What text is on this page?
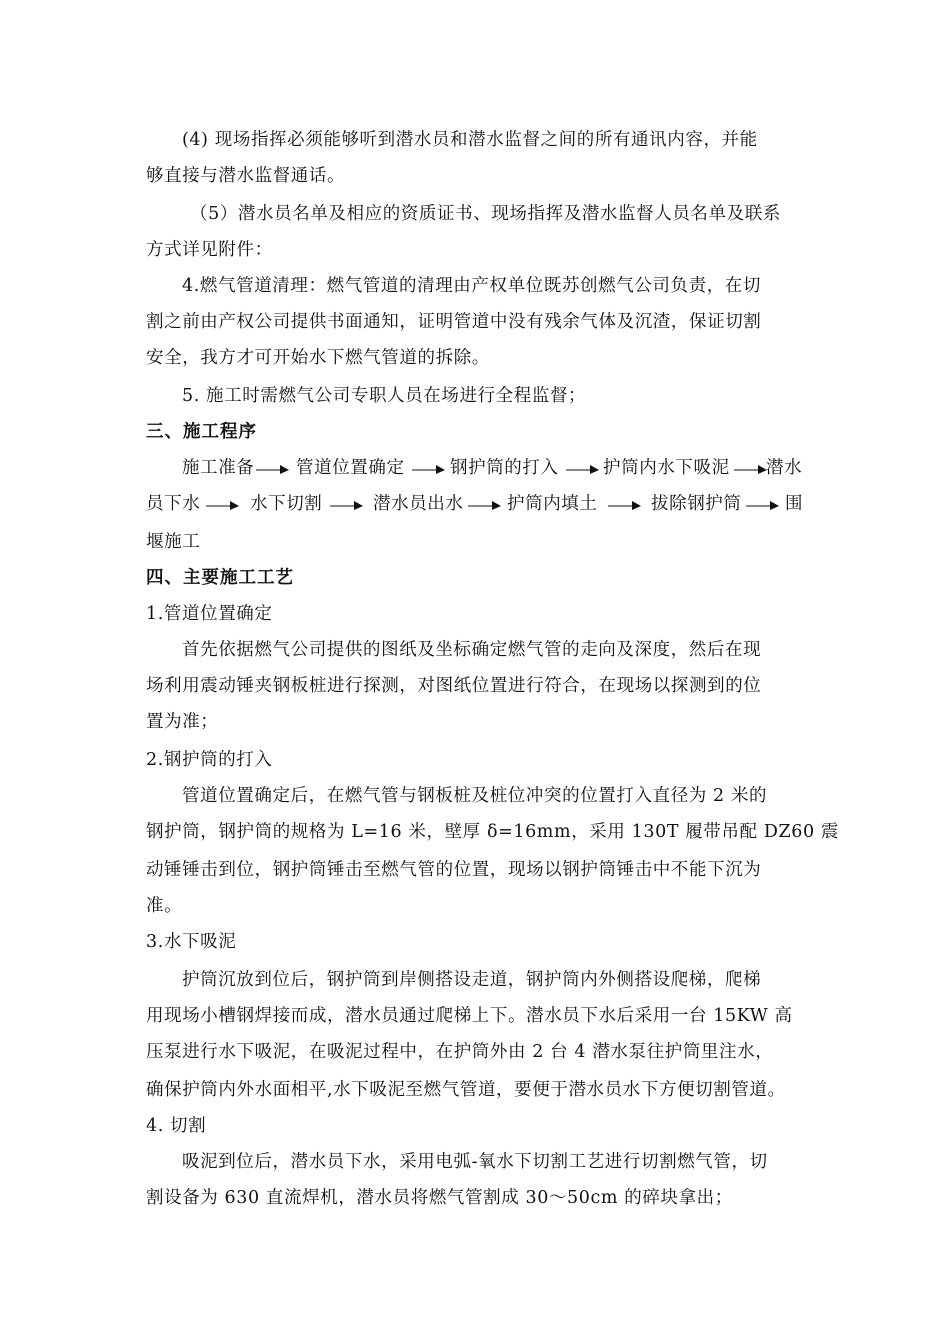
(4) 现场指挥必须能够听到潜水员和潜水监督之间的所有通讯内容，并能
够直接与潜水监督通话。
（5）潜水员名单及相应的资质证书、现场指挥及潜水监督人员名单及联系
方式详见附件：
4.燃气管道清理：燃气管道的清理由产权单位既苏创燃气公司负责，在切
割之前由产权公司提供书面通知，证明管道中没有残余气体及沉渣，保证切割
安全，我方才可开始水下燃气管道的拆除。
5. 施工时需燃气公司专职人员在场进行全程监督；
三、施工程序
施工准备 管道位置确定	钢护筒的打入	护筒内水下吸泥 潜水
员下水	水下切割	潜水员出水 护筒内填土	拔除钢护筒 围
堰施工
四、主要施工工艺
1.管道位置确定
首先依据燃气公司提供的图纸及坐标确定燃气管的走向及深度，然后在现
场利用震动锤夹钢板桩进行探测，对图纸位置进行符合，在现场以探测到的位
置为准；
2.钢护筒的打入
管道位置确定后，在燃气管与钢板桩及桩位冲突的位置打入直径为 2 米的
钢护筒，钢护筒的规格为 L=16 米，壁厚 δ=16mm，采用 130T 履带吊配 DZ60 震
动锤锤击到位，钢护筒锤击至燃气管的位置，现场以钢护筒锤击中不能下沉为
准。
3.水下吸泥
护筒沉放到位后，钢护筒到岸侧搭设走道，钢护筒内外侧搭设爬梯，爬梯
用现场小槽钢焊接而成，潜水员通过爬梯上下。潜水员下水后采用一台 15KW 高
压泵进行水下吸泥，在吸泥过程中，在护筒外由 2 台 4 潜水泵往护筒里注水，
确保护筒内外水面相平,水下吸泥至燃气管道，要便于潜水员水下方便切割管道。
4. 切割
吸泥到位后，潜水员下水，采用电弧-氧水下切割工艺进行切割燃气管，切
割设备为 630 直流焊机，潜水员将燃气管割成 30～50cm 的碎块拿出；
